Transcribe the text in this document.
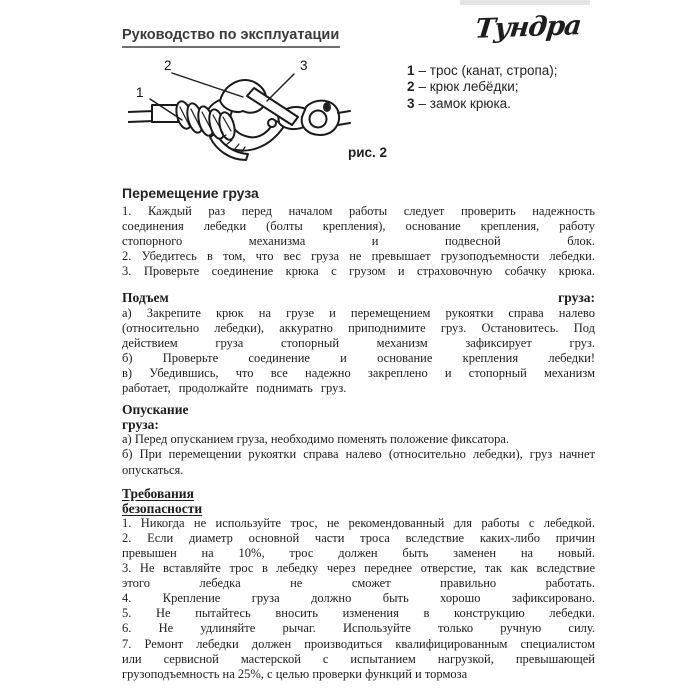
Руководство по эксплуатации	Тундра
1
2	3	1 – трос (канат, стропа);
2 – крюк лебёдки;
3 – замок крюка.
рис. 2
Перемещение груза
1. Каждый раз перед началом работы следует проверить надежность
соединения лебедки (болты крепления), основание крепления, работу
стопорного механизма и подвесной блок.
2. Убедитесь в том, что вес груза не превышает грузоподъемности лебедки.
3. Проверьте соединение крюка с грузом и страховочную собачку крюка.
Подъем	груза:
а) Закрепите крюк на грузе и перемещением рукоятки справа налево
(относительно лебедки), аккуратно приподнимите груз. Остановитесь. Под
действием груза стопорный механизм зафиксирует груз.
б) Проверьте соединение и основание крепления лебедки!
в) Убедившись, что все надежно закреплено и стопорный механизм
работает, продолжайте поднимать груз.
Опускание
груза:
а) Перед опусканием груза, необходимо поменять положение фиксатора.
б) При перемещении рукоятки справа налево (относительно лебедки), груз начнет
опускаться.
Требования
безопасности
1. Никогда не используйте трос, не рекомендованный для работы с лебедкой.
2. Если диаметр основной части троса вследствие каких-либо причин
превышен на 10%, трос должен быть заменен на новый.
3. Не вставляйте трос в лебедку через переднее отверстие, так как вследствие
этого лебедка не сможет правильно работать.
4. Крепление груза должно быть хорошо зафиксировано.
5. Не пытайтесь вносить изменения в конструкцию лебедки.
6. Не удлиняйте рычаг. Используйте только ручную силу.
7. Ремонт лебедки должен производиться квалифицированным специалистом
или сервисной мастерской с испытанием нагрузкой, превышающей
грузоподъемность на 25%, с целью проверки функций и тормоза
